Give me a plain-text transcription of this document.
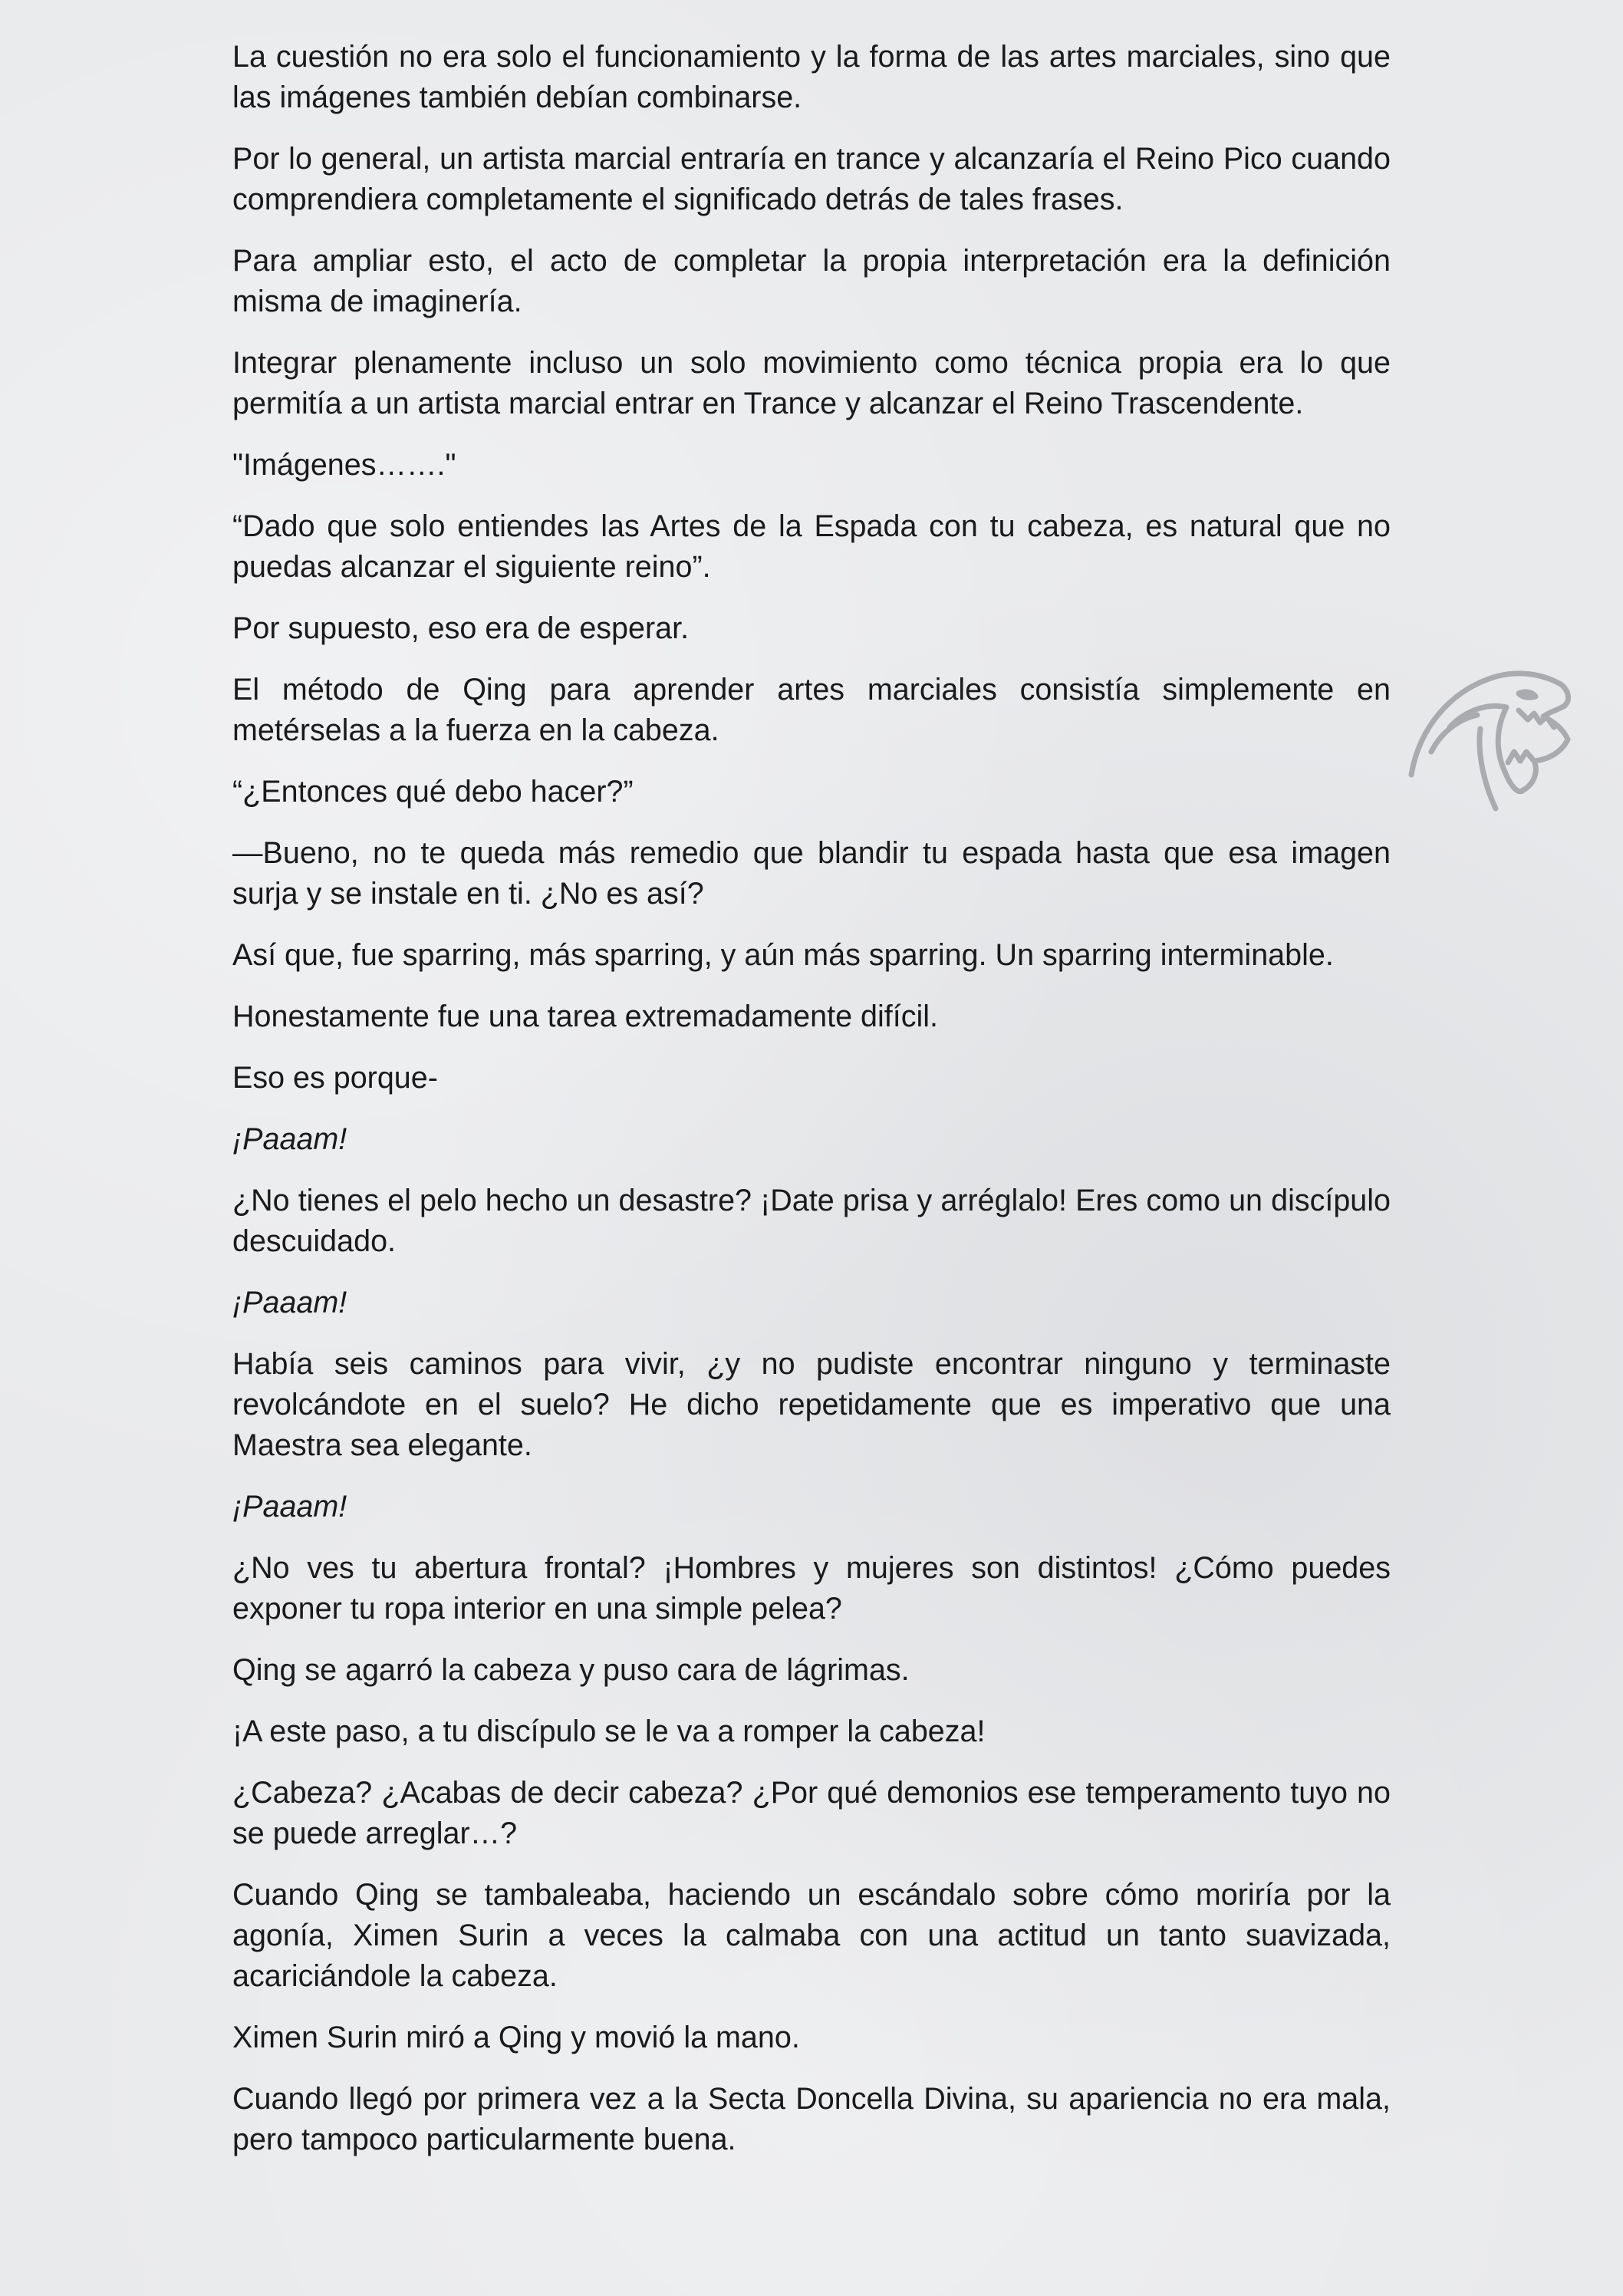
La cuestión no era solo el funcionamiento y la forma de las artes marciales, sino que las imágenes también debían combinarse.

Por lo general, un artista marcial entraría en trance y alcanzaría el Reino Pico cuando comprendiera completamente el significado detrás de tales frases.

Para ampliar esto, el acto de completar la propia interpretación era la definición misma de imaginería.

Integrar plenamente incluso un solo movimiento como técnica propia era lo que permitía a un artista marcial entrar en Trance y alcanzar el Reino Trascendente.

"Imágenes……."

“Dado que solo entiendes las Artes de la Espada con tu cabeza, es natural que no puedas alcanzar el siguiente reino”.

Por supuesto, eso era de esperar.

El método de Qing para aprender artes marciales consistía simplemente en metérselas a la fuerza en la cabeza.

“¿Entonces qué debo hacer?”

—Bueno, no te queda más remedio que blandir tu espada hasta que esa imagen surja y se instale en ti. ¿No es así?

Así que, fue sparring, más sparring, y aún más sparring. Un sparring interminable.

Honestamente fue una tarea extremadamente difícil.

Eso es porque-

¡Paaam!

¿No tienes el pelo hecho un desastre? ¡Date prisa y arréglalo! Eres como un discípulo descuidado.

¡Paaam!

Había seis caminos para vivir, ¿y no pudiste encontrar ninguno y terminaste revolcándote en el suelo? He dicho repetidamente que es imperativo que una Maestra sea elegante.

¡Paaam!

¿No ves tu abertura frontal? ¡Hombres y mujeres son distintos! ¿Cómo puedes exponer tu ropa interior en una simple pelea?

Qing se agarró la cabeza y puso cara de lágrimas.

¡A este paso, a tu discípulo se le va a romper la cabeza!

¿Cabeza? ¿Acabas de decir cabeza? ¿Por qué demonios ese temperamento tuyo no se puede arreglar…?

Cuando Qing se tambaleaba, haciendo un escándalo sobre cómo moriría por la agonía, Ximen Surin a veces la calmaba con una actitud un tanto suavizada, acariciándole la cabeza.

Ximen Surin miró a Qing y movió la mano.

Cuando llegó por primera vez a la Secta Doncella Divina, su apariencia no era mala, pero tampoco particularmente buena.
